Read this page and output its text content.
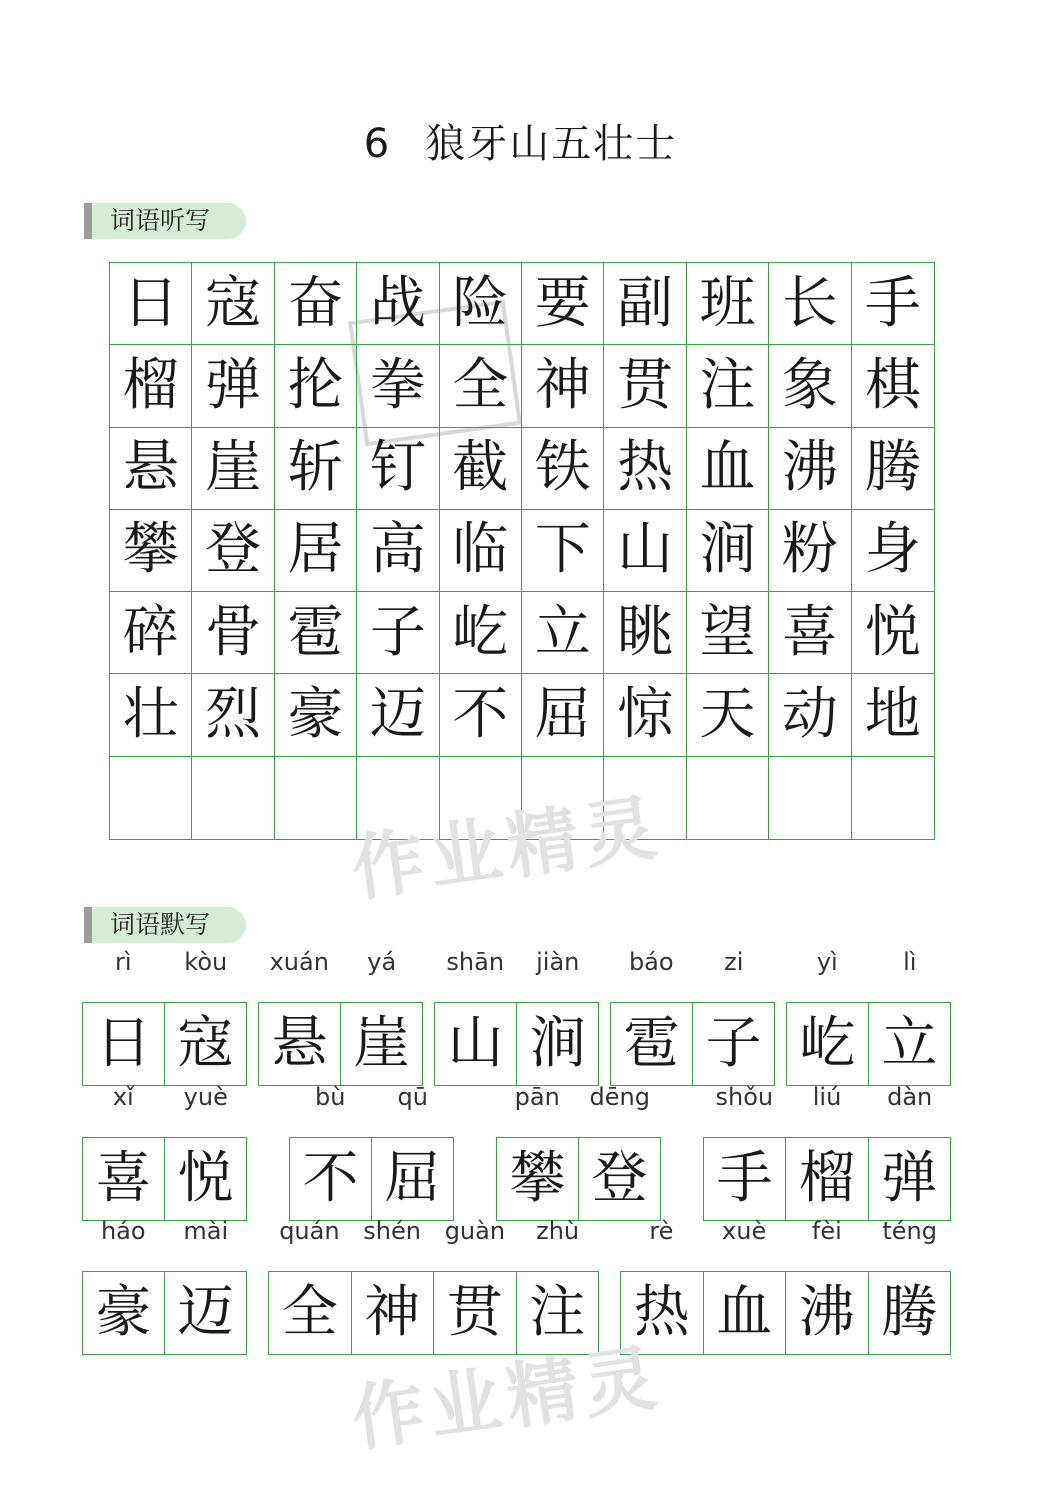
6 狼牙山五壮士
词语听写
日 寇 奋 战 险 要 副 班 长 手
榴 弹 抡 拳 全 神 贯 注 象 棋
悬 崖 斩 钉 截 铁 热 血 沸 腾
攀 登 居 高 临 下 山 涧 粉 身
碎 骨 雹 子 屹 立 眺 望 喜 悦
壮 烈 豪 迈 不 屈 惊 天 动 地
作业精灵
词语默写
rì	kòu
日 寇
xuán	yá
悬 崖
shān	jiàn
山 涧
báo	zi
雹 子
yì	lì
屹 立
xǐ	yuè
喜 悦
bù	qū
不 屈
pān	dēng
攀 登
shǒu	liú	dàn
手 榴 弹
háo	mài
豪 迈
quán shén guàn	zhù
全 神 贯 注
rè	xuè	fèi	téng
热 血 沸 腾
作业精灵
